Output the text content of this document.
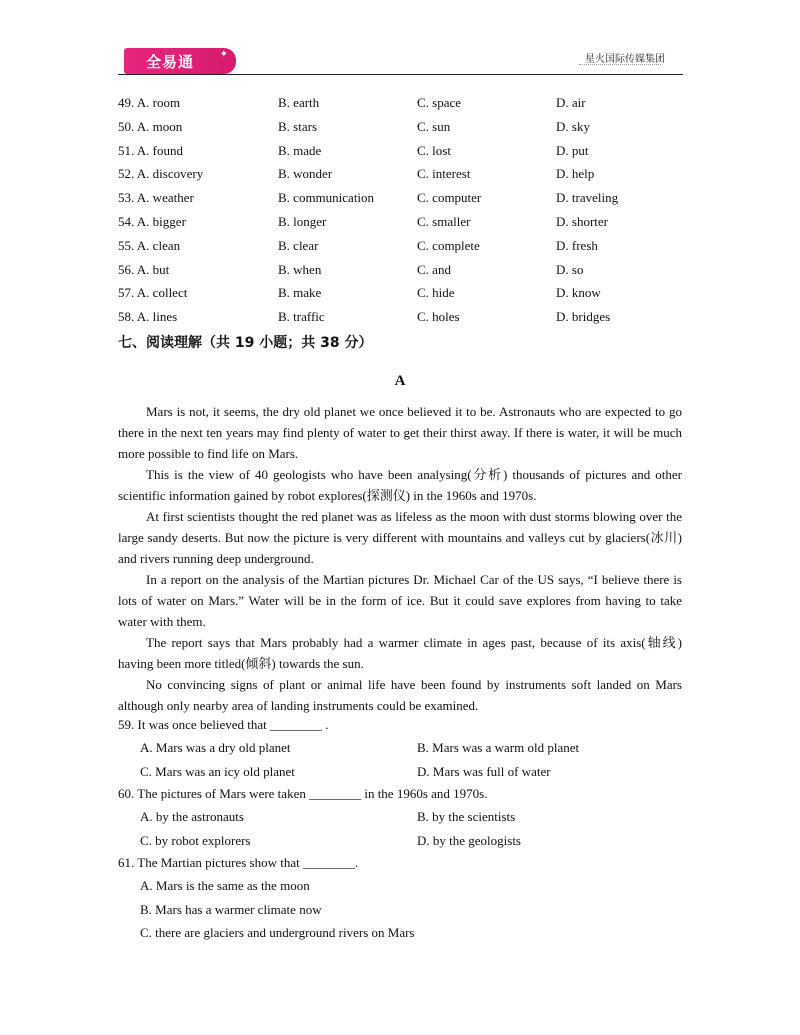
全易通	✦	星火国际传媒集团
49. A. room	B. earth	C. space	D. air
50. A. moon	B. stars	C. sun	D. sky
51. A. found	B. made	C. lost	D. put
52. A. discovery	B. wonder	C. interest	D. help
53. A. weather	B. communication	C. computer	D. traveling
54. A. bigger	B. longer	C. smaller	D. shorter
55. A. clean	B. clear	C. complete	D. fresh
56. A. but	B. when	C. and	D. so
57. A. collect	B. make	C. hide	D. know
58. A. lines	B. traffic	C. holes	D. bridges
七、阅读理解（共 19 小题；共 38 分）
A

Mars is not, it seems, the dry old planet we once believed it to be. Astronauts who are expected to go there in the next ten years may find plenty of water to get their thirst away. If there is water, it will be much more possible to find life on Mars.

This is the view of 40 geologists who have been analysing(分析) thousands of pictures and other scientific information gained by robot explores(探测仪) in the 1960s and 1970s.

At first scientists thought the red planet was as lifeless as the moon with dust storms blowing over the large sandy deserts. But now the picture is very different with mountains and valleys cut by glaciers(冰川) and rivers running deep underground.

In a report on the analysis of the Martian pictures Dr. Michael Car of the US says, “I believe there is lots of water on Mars.” Water will be in the form of ice. But it could save explores from having to take water with them.

The report says that Mars probably had a warmer climate in ages past, because of its axis(轴线) having been more titled(倾斜) towards the sun.

No convincing signs of plant or animal life have been found by instruments soft landed on Mars although only nearby area of landing instruments could be examined.

59. It was once believed that ________ .
A. Mars was a dry old planet	B. Mars was a warm old planet
C. Mars was an icy old planet	D. Mars was full of water
60. The pictures of Mars were taken ________ in the 1960s and 1970s.
A. by the astronauts	B. by the scientists
C. by robot explorers	D. by the geologists
61. The Martian pictures show that ________.
A. Mars is the same as the moon
B. Mars has a warmer climate now
C. there are glaciers and underground rivers on Mars
